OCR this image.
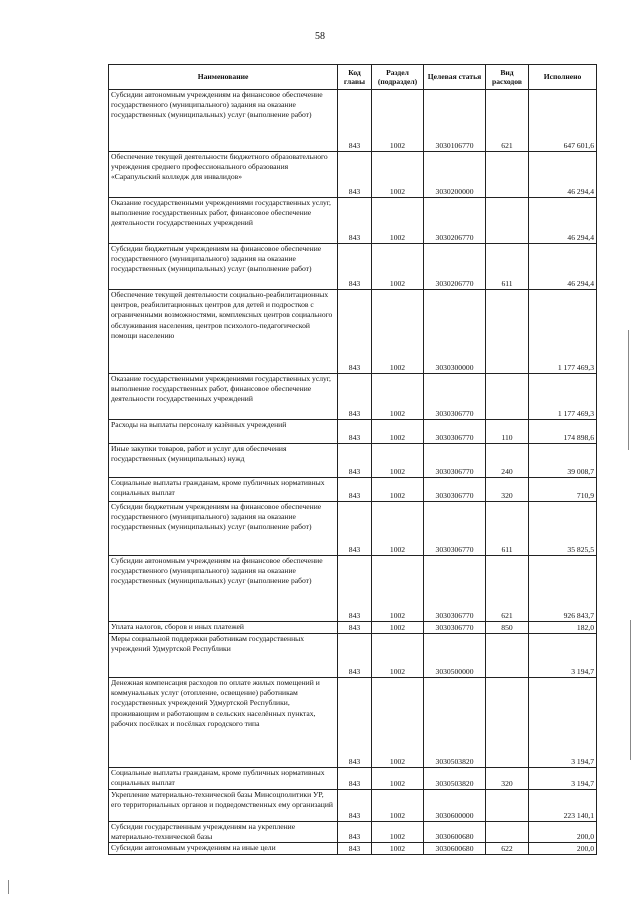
58
Наименование	Код главы	Раздел (подраздел)	Целевая статья	Вид расходов	Исполнено
Субсидии автономным учреждениям на финансовое обеспечение государственного (муниципального) задания на оказание государственных (муниципальных) услуг (выполнение работ)	843	1002	3030106770	621	647 601,6
Обеспечение текущей деятельности бюджетного образовательного учреждения среднего профессионального образования «Сарапульский колледж для инвалидов»	843	1002	3030200000		46 294,4
Оказание государственными учреждениями государственных услуг, выполнение государственных работ, финансовое обеспечение деятельности государственных учреждений	843	1002	3030206770		46 294,4
Субсидии бюджетным учреждениям на финансовое обеспечение государственного (муниципального) задания на оказание государственных (муниципальных) услуг (выполнение работ)	843	1002	3030206770	611	46 294,4
Обеспечение текущей деятельности социально-реабилитационных центров, реабилитационных центров для детей и подростков с ограниченными возможностями, комплексных центров социального обслуживания населения, центров психолого-педагогической помощи населению	843	1002	3030300000		1 177 469,3
Оказание государственными учреждениями государственных услуг, выполнение государственных работ, финансовое обеспечение деятельности государственных учреждений	843	1002	3030306770		1 177 469,3
Расходы на выплаты персоналу казённых учреждений	843	1002	3030306770	110	174 898,6
Иные закупки товаров, работ и услуг для обеспечения государственных (муниципальных) нужд	843	1002	3030306770	240	39 008,7
Социальные выплаты гражданам, кроме публичных нормативных социальных выплат	843	1002	3030306770	320	710,9
Субсидии бюджетным учреждениям на финансовое обеспечение государственного (муниципального) задания на оказание государственных (муниципальных) услуг (выполнение работ)	843	1002	3030306770	611	35 825,5
Субсидии автономным учреждениям на финансовое обеспечение государственного (муниципального) задания на оказание государственных (муниципальных) услуг (выполнение работ)	843	1002	3030306770	621	926 843,7
Уплата налогов, сборов и иных платежей	843	1002	3030306770	850	182,0
Меры социальной поддержки работникам государственных учреждений Удмуртской Республики	843	1002	3030500000		3 194,7
Денежная компенсация расходов по оплате жилых помещений и коммунальных услуг (отопление, освещение) работникам государственных учреждений Удмуртской Республики, проживающим и работающим в сельских населённых пунктах, рабочих посёлках и посёлках городского типа	843	1002	3030503820		3 194,7
Социальные выплаты гражданам, кроме публичных нормативных социальных выплат	843	1002	3030503820	320	3 194,7
Укрепление материально-технической базы Минсоцполитики УР, его территориальных органов и подведомственных ему организаций	843	1002	3030600000		223 140,1
Субсидии государственным учреждениям на укрепление материально-технической базы	843	1002	3030600680		200,0
Субсидии автономным учреждениям на иные цели	843	1002	3030600680	622	200,0
